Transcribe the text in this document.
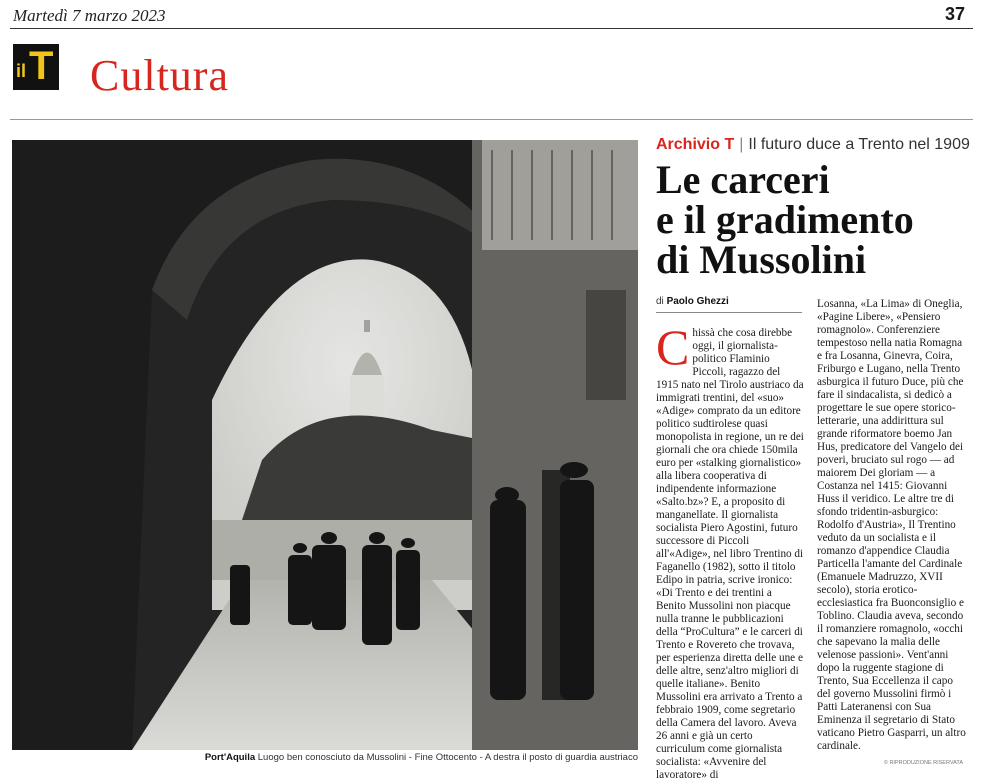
Martedì 7 marzo 2023	37
il T Cultura
Port'Aquila Luogo ben conosciuto da Mussolini - Fine Ottocento - A destra il posto di guardia austriaco
Archivio T | Il futuro duce a Trento nel 1909
Le carceri
e il gradimento
di Mussolini
di Paolo Ghezzi

Chissà che cosa direbbe oggi, il giornalista-politico Flaminio Piccoli, ragazzo del 1915 nato nel Tirolo austriaco da immigrati trentini, del «suo» «Adige» comprato da un editore politico sudtirolese quasi monopolista in regione, un re dei giornali che ora chiede 150mila euro per «stalking giornalistico» alla libera cooperativa di indipendente informazione «Salto.bz»? E, a proposito di manganellate. Il giornalista socialista Piero Agostini, futuro successore di Piccoli all'«Adige», nel libro Trentino di Faganello (1982), sotto il titolo Edipo in patria, scrive ironico: «Di Trento e dei trentini a Benito Mussolini non piacque nulla tranne le pubblicazioni della “ProCultura” e le carceri di Trento e Rovereto che trovava, per esperienza diretta delle une e delle altre, senz'altro migliori di quelle italiane». Benito Mussolini era arrivato a Trento a febbraio 1909, come segretario della Camera del lavoro. Aveva 26 anni e già un certo curriculum come giornalista socialista: «Avvenire del lavoratore» di

Losanna, «La Lima» di Oneglia, «Pagine Libere», «Pensiero romagnolo». Conferenziere tempestoso nella natia Romagna e fra Losanna, Ginevra, Coira, Friburgo e Lugano, nella Trento asburgica il futuro Duce, più che fare il sindacalista, si dedicò a progettare le sue opere storico-letterarie, una addirittura sul grande riformatore boemo Jan Hus, predicatore del Vangelo dei poveri, bruciato sul rogo — ad maiorem Dei gloriam — a Costanza nel 1415: Giovanni Huss il veridico. Le altre tre di sfondo tridentin-asburgico: Rodolfo d'Austria», Il Trentino veduto da un socialista e il romanzo d'appendice Claudia Particella l'amante del Cardinale (Emanuele Madruzzo, XVII secolo), storia erotico-ecclesiastica fra Buonconsiglio e Toblino. Claudia aveva, secondo il romanziere romagnolo, «occhi che sapevano la malia delle velenose passioni». Vent'anni dopo la ruggente stagione di Trento, Sua Eccellenza il capo del governo Mussolini firmò i Patti Lateranensi con Sua Eminenza il segretario di Stato vaticano Pietro Gasparri, un altro cardinale.

© RIPRODUZIONE RISERVATA
